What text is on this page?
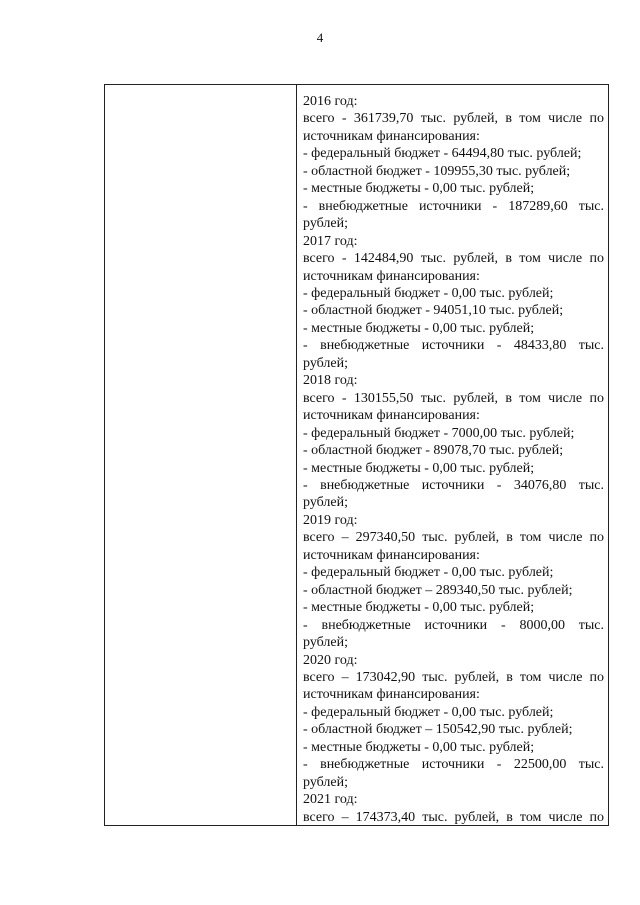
4
2016 год:
всего - 361739,70 тыс. рублей, в том числе по
источникам финансирования:
- федеральный бюджет - 64494,80 тыс. рублей;
- областной бюджет - 109955,30 тыс. рублей;
- местные бюджеты - 0,00 тыс. рублей;
- внебюджетные источники - 187289,60 тыс.
рублей;
2017 год:
всего - 142484,90 тыс. рублей, в том числе по
источникам финансирования:
- федеральный бюджет - 0,00 тыс. рублей;
- областной бюджет - 94051,10 тыс. рублей;
- местные бюджеты - 0,00 тыс. рублей;
- внебюджетные источники - 48433,80 тыс.
рублей;
2018 год:
всего - 130155,50 тыс. рублей, в том числе по
источникам финансирования:
- федеральный бюджет - 7000,00 тыс. рублей;
- областной бюджет - 89078,70 тыс. рублей;
- местные бюджеты - 0,00 тыс. рублей;
- внебюджетные источники - 34076,80 тыс.
рублей;
2019 год:
всего – 297340,50 тыс. рублей, в том числе по
источникам финансирования:
- федеральный бюджет - 0,00 тыс. рублей;
- областной бюджет – 289340,50 тыс. рублей;
- местные бюджеты - 0,00 тыс. рублей;
- внебюджетные источники - 8000,00 тыс.
рублей;
2020 год:
всего – 173042,90 тыс. рублей, в том числе по
источникам финансирования:
- федеральный бюджет - 0,00 тыс. рублей;
- областной бюджет – 150542,90 тыс. рублей;
- местные бюджеты - 0,00 тыс. рублей;
- внебюджетные источники - 22500,00 тыс.
рублей;
2021 год:
всего – 174373,40 тыс. рублей, в том числе по
